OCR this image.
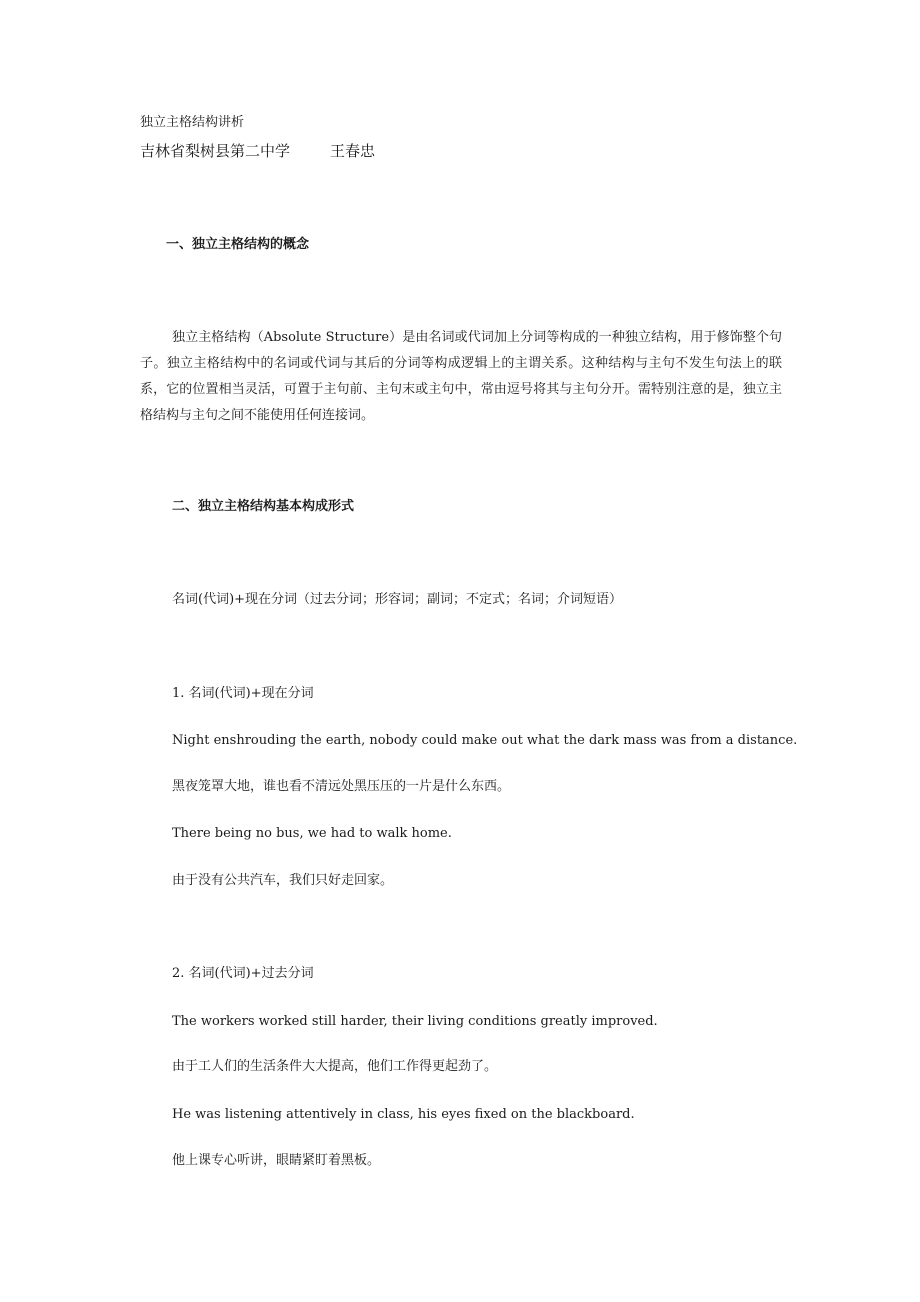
独立主格结构讲析
吉林省梨树县第二中学	王春忠
一、独立主格结构的概念
独立主格结构（Absolute Structure）是由名词或代词加上分词等构成的一种独立结构，用于修饰整个句子。独立主格结构中的名词或代词与其后的分词等构成逻辑上的主谓关系。这种结构与主句不发生句法上的联系，它的位置相当灵活，可置于主句前、主句末或主句中，常由逗号将其与主句分开。需特别注意的是，独立主格结构与主句之间不能使用任何连接词。
二、独立主格结构基本构成形式
名词(代词)+现在分词（过去分词；形容词；副词；不定式；名词；介词短语）
1. 名词(代词)+现在分词
Night enshrouding the earth, nobody could make out what the dark mass was from a distance.
黑夜笼罩大地，谁也看不清远处黑压压的一片是什么东西。
There being no bus, we had to walk home.
由于没有公共汽车，我们只好走回家。
2. 名词(代词)+过去分词
The workers worked still harder, their living conditions greatly improved.
由于工人们的生活条件大大提高，他们工作得更起劲了。
He was listening attentively in class, his eyes fixed on the blackboard.
他上课专心听讲，眼睛紧盯着黑板。
